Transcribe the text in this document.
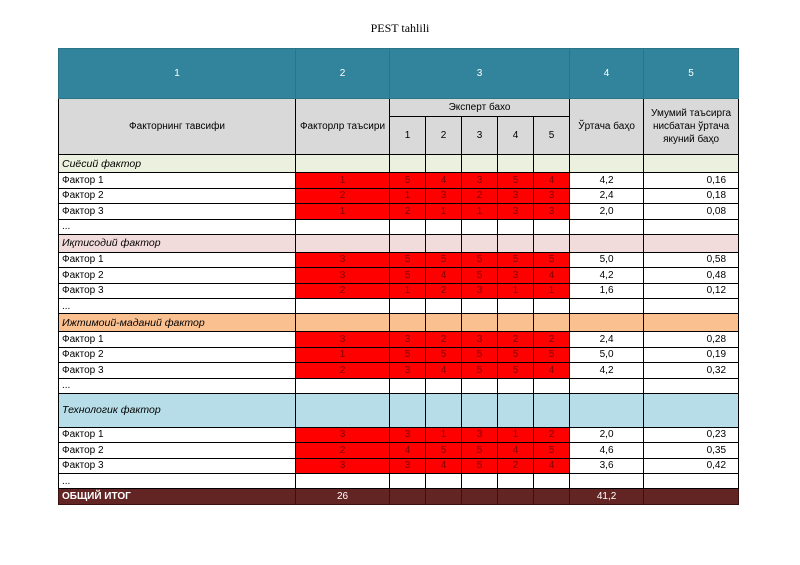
PEST tahlili
1	2	3					4	5
Факторнинг тавсифи	Факторлр таъсири	Эксперт бахо					Ўртача баҳо	Умумий таъсирга нисбатан ўртача якуний баҳо
		1	2	3	4	5		
Сиёсий фактор								
Фактор 1	1	5	4	3	5	4	4,2	0,16
Фактор 2	2	1	3	2	3	3	2,4	0,18
Фактор 3	1	2	1	1	3	3	2,0	0,08
...								
Иқтисодий фактор								
Фактор 1	3	5	5	5	5	5	5,0	0,58
Фактор 2	3	5	4	5	3	4	4,2	0,48
Фактор 3	2	1	2	3	1	1	1,6	0,12
...								
Ижтимоий-маданий фактор								
Фактор 1	3	3	2	3	2	2	2,4	0,28
Фактор 2	1	5	5	5	5	5	5,0	0,19
Фактор 3	2	3	4	5	5	4	4,2	0,32
...								
Технологик фактор								
Фактор 1	3	3	1	3	1	2	2,0	0,23
Фактор 2	2	4	5	5	4	5	4,6	0,35
Фактор 3	3	3	4	5	2	4	3,6	0,42
...								
ОБЩИЙ ИТОГ	26						41,2	
